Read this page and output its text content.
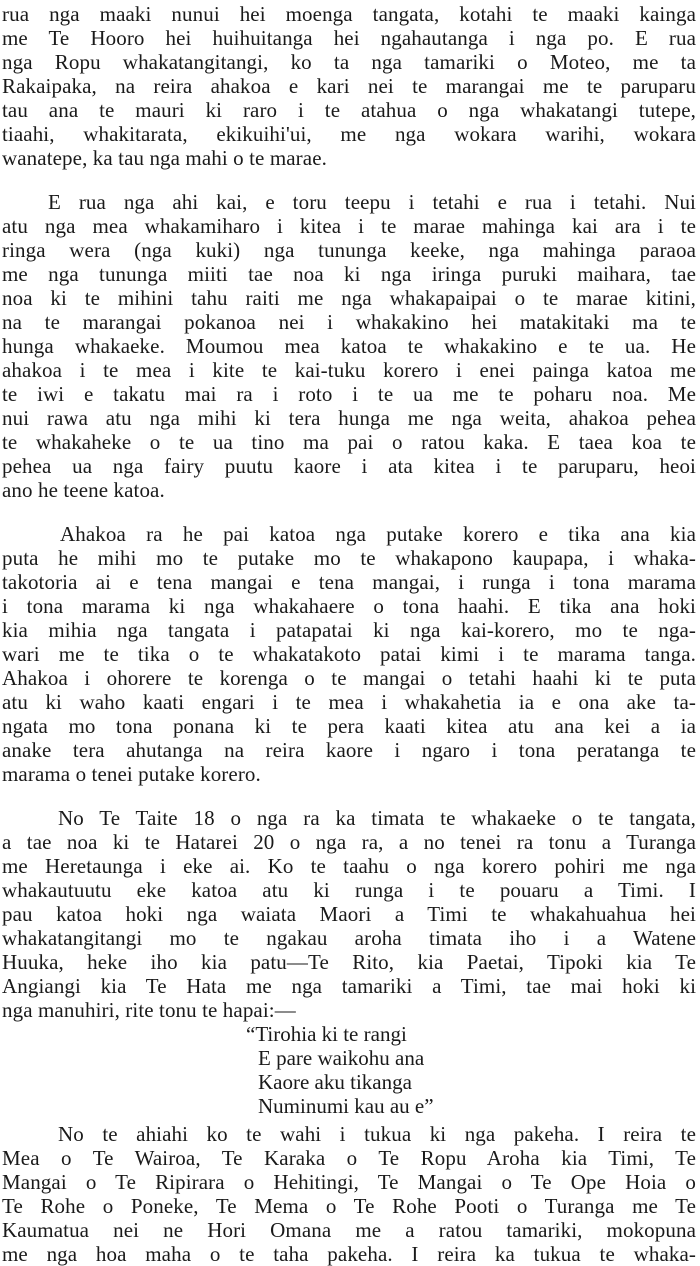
rua nga maaki nunui hei moenga tangata, kotahi te maaki kainga
me Te Hooro hei huihuitanga hei ngahautanga i nga po. E rua
nga Ropu whakatangitangi, ko ta nga tamariki o Moteo, me ta
Rakaipaka, na reira ahakoa e kari nei te marangai me te paruparu
tau ana te mauri ki raro i te atahua o nga whakatangi tutepe,
tiaahi, whakitarata, ekikuihi'ui, me nga wokara warihi, wokara
wanatepe, ka tau nga mahi o te marae.
E rua nga ahi kai, e toru teepu i tetahi e rua i tetahi. Nui
atu nga mea whakamiharo i kitea i te marae mahinga kai ara i te
ringa wera (nga kuki) nga tununga keeke, nga mahinga paraoa
me nga tununga miiti tae noa ki nga iringa puruki maihara, tae
noa ki te mihini tahu raiti me nga whakapaipai o te marae kitini,
na te marangai pokanoa nei i whakakino hei matakitaki ma te
hunga whakaeke. Moumou mea katoa te whakakino e te ua. He
ahakoa i te mea i kite te kai-tuku korero i enei painga katoa me
te iwi e takatu mai ra i roto i te ua me te poharu noa. Me
nui rawa atu nga mihi ki tera hunga me nga weita, ahakoa pehea
te whakaheke o te ua tino ma pai o ratou kaka. E taea koa te
pehea ua nga fairy puutu kaore i ata kitea i te paruparu, heoi
ano he teene katoa.
Ahakoa ra he pai katoa nga putake korero e tika ana kia
puta he mihi mo te putake mo te whakapono kaupapa, i whaka-
takotoria ai e tena mangai e tena mangai, i runga i tona marama
i tona marama ki nga whakahaere o tona haahi. E tika ana hoki
kia mihia nga tangata i patapatai ki nga kai-korero, mo te nga-
wari me te tika o te whakatakoto patai kimi i te marama tanga.
Ahakoa i ohorere te korenga o te mangai o tetahi haahi ki te puta
atu ki waho kaati engari i te mea i whakahetia ia e ona ake ta-
ngata mo tona ponana ki te pera kaati kitea atu ana kei a ia
anake tera ahutanga na reira kaore i ngaro i tona peratanga te
marama o tenei putake korero.
No Te Taite 18 o nga ra ka timata te whakaeke o te tangata,
a tae noa ki te Hatarei 20 o nga ra, a no tenei ra tonu a Turanga
me Heretaunga i eke ai. Ko te taahu o nga korero pohiri me nga
whakautuutu eke katoa atu ki runga i te pouaru a Timi. I
pau katoa hoki nga waiata Maori a Timi te whakahuahua hei
whakatangitangi mo te ngakau aroha timata iho i a Watene
Huuka, heke iho kia patu—Te Rito, kia Paetai, Tipoki kia Te
Angiangi kia Te Hata me nga tamariki a Timi, tae mai hoki ki
nga manuhiri, rite tonu te hapai:—
“Tirohia ki te rangi
E pare waikohu ana
Kaore aku tikanga
Numinumi kau au e”
No te ahiahi ko te wahi i tukua ki nga pakeha. I reira te
Mea o Te Wairoa, Te Karaka o Te Ropu Aroha kia Timi, Te
Mangai o Te Ripirara o Hehitingi, Te Mangai o Te Ope Hoia o
Te Rohe o Poneke, Te Mema o Te Rohe Pooti o Turanga me Te
Kaumatua nei ne Hori Omana me a ratou tamariki, mokopuna
me nga hoa maha o te taha pakeha. I reira ka tukua te whaka-
